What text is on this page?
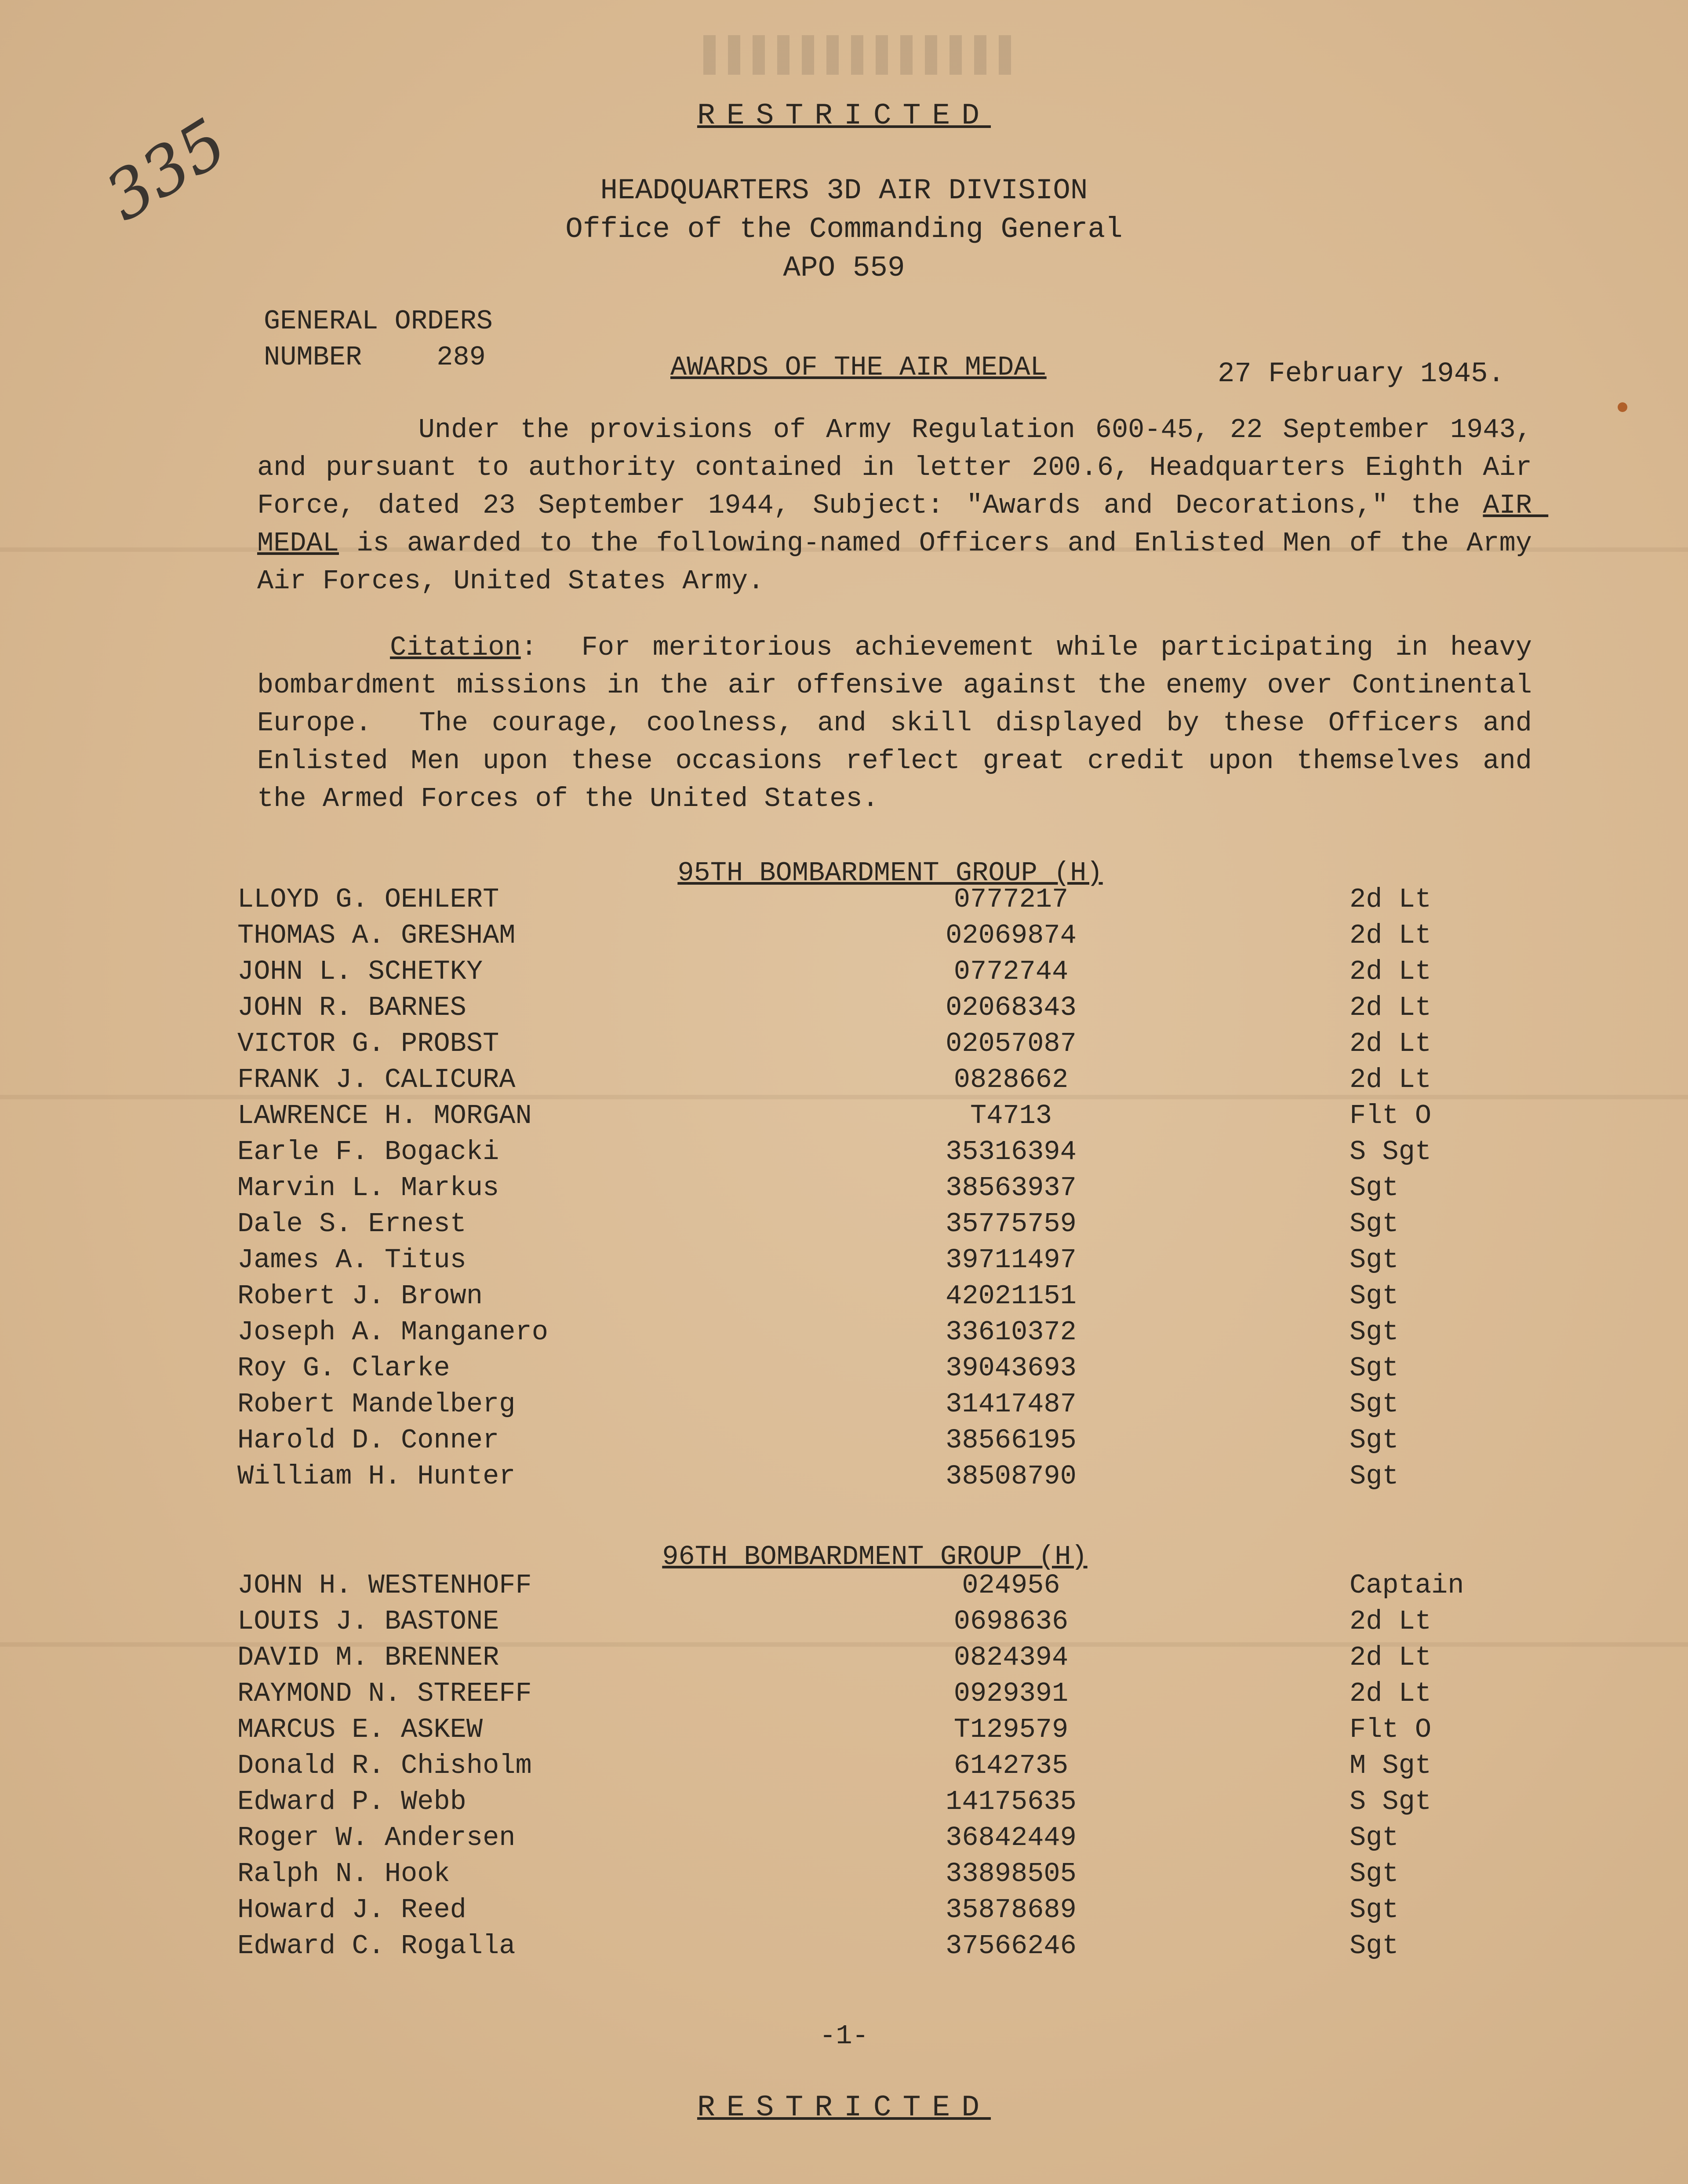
335	RESTRICTED
HEADQUARTERS 3D AIR DIVISION
Office of the Commanding General
APO 559
GENERAL ORDERS
NUMBER	289	AWARDS OF THE AIR MEDAL	27 February 1945.
Under the provisions of Army Regulation 600-45, 22 September 1943, and pursuant to authority contained in letter 200.6, Headquarters Eighth Air Force, dated 23 September 1944, Subject: "Awards and Decorations," the AIR MEDAL is awarded to the following-named Officers and Enlisted Men of the Army Air Forces, United States Army.
Citation:  For meritorious achievement while participating in heavy bombardment missions in the air offensive against the enemy over Continental Europe.  The courage, coolness, and skill displayed by these Officers and Enlisted Men upon these occasions reflect great credit upon themselves and the Armed Forces of the United States.
95TH BOMBARDMENT GROUP (H)
LLOYD G. OEHLERT	0777217	2d Lt
THOMAS A. GRESHAM	02069874	2d Lt
JOHN L. SCHETKY	0772744	2d Lt
JOHN R. BARNES	02068343	2d Lt
VICTOR G. PROBST	02057087	2d Lt
FRANK J. CALICURA	0828662	2d Lt
LAWRENCE H. MORGAN	T4713	Flt O
Earle F. Bogacki	35316394	S Sgt
Marvin L. Markus	38563937	Sgt
Dale S. Ernest	35775759	Sgt
James A. Titus	39711497	Sgt
Robert J. Brown	42021151	Sgt
Joseph A. Manganero	33610372	Sgt
Roy G. Clarke	39043693	Sgt
Robert Mandelberg	31417487	Sgt
Harold D. Conner	38566195	Sgt
William H. Hunter	38508790	Sgt
96TH BOMBARDMENT GROUP (H)
JOHN H. WESTENHOFF	024956	Captain
LOUIS J. BASTONE	0698636	2d Lt
DAVID M. BRENNER	0824394	2d Lt
RAYMOND N. STREEFF	0929391	2d Lt
MARCUS E. ASKEW	T129579	Flt O
Donald R. Chisholm	6142735	M Sgt
Edward P. Webb	14175635	S Sgt
Roger W. Andersen	36842449	Sgt
Ralph N. Hook	33898505	Sgt
Howard J. Reed	35878689	Sgt
Edward C. Rogalla	37566246	Sgt
-1-
RESTRICTED
